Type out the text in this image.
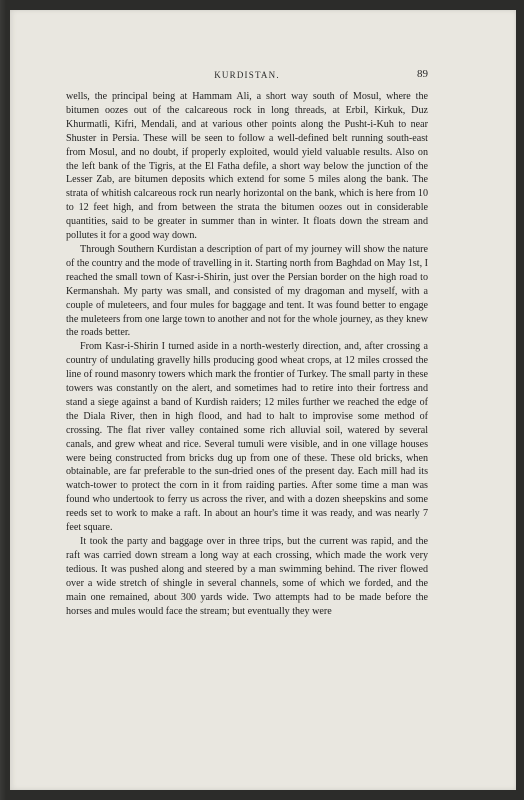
KURDISTAN.	89

wells, the principal being at Hammam Ali, a short way south of Mosul, where the bitumen oozes out of the calcareous rock in long threads, at Erbil, Kirkuk, Duz Khurmatli, Kifri, Mendali, and at various other points along the Pusht-i-Kuh to near Shuster in Persia. These will be seen to follow a well-defined belt running south-east from Mosul, and no doubt, if properly exploited, would yield valuable results. Also on the left bank of the Tigris, at the El Fatha defile, a short way below the junction of the Lesser Zab, are bitumen deposits which extend for some 5 miles along the bank. The strata of whitish calcareous rock run nearly horizontal on the bank, which is here from 10 to 12 feet high, and from between the strata the bitumen oozes out in considerable quantities, said to be greater in summer than in winter. It floats down the stream and pollutes it for a good way down.

Through Southern Kurdistan a description of part of my journey will show the nature of the country and the mode of travelling in it. Starting north from Baghdad on May 1st, I reached the small town of Kasr-i-Shirin, just over the Persian border on the high road to Kermanshah. My party was small, and consisted of my dragoman and myself, with a couple of muleteers, and four mules for baggage and tent. It was found better to engage the muleteers from one large town to another and not for the whole journey, as they knew the roads better.

From Kasr-i-Shirin I turned aside in a north-westerly direction, and, after crossing a country of undulating gravelly hills producing good wheat crops, at 12 miles crossed the line of round masonry towers which mark the frontier of Turkey. The small party in these towers was constantly on the alert, and sometimes had to retire into their fortress and stand a siege against a band of Kurdish raiders; 12 miles further we reached the edge of the Diala River, then in high flood, and had to halt to improvise some method of crossing. The flat river valley contained some rich alluvial soil, watered by several canals, and grew wheat and rice. Several tumuli were visible, and in one village houses were being constructed from bricks dug up from one of these. These old bricks, when obtainable, are far preferable to the sun-dried ones of the present day. Each mill had its watch-tower to protect the corn in it from raiding parties. After some time a man was found who undertook to ferry us across the river, and with a dozen sheepskins and some reeds set to work to make a raft. In about an hour's time it was ready, and was nearly 7 feet square.

It took the party and baggage over in three trips, but the current was rapid, and the raft was carried down stream a long way at each crossing, which made the work very tedious. It was pushed along and steered by a man swimming behind. The river flowed over a wide stretch of shingle in several channels, some of which we forded, and the main one remained, about 300 yards wide. Two attempts had to be made before the horses and mules would face the stream; but eventually they were
